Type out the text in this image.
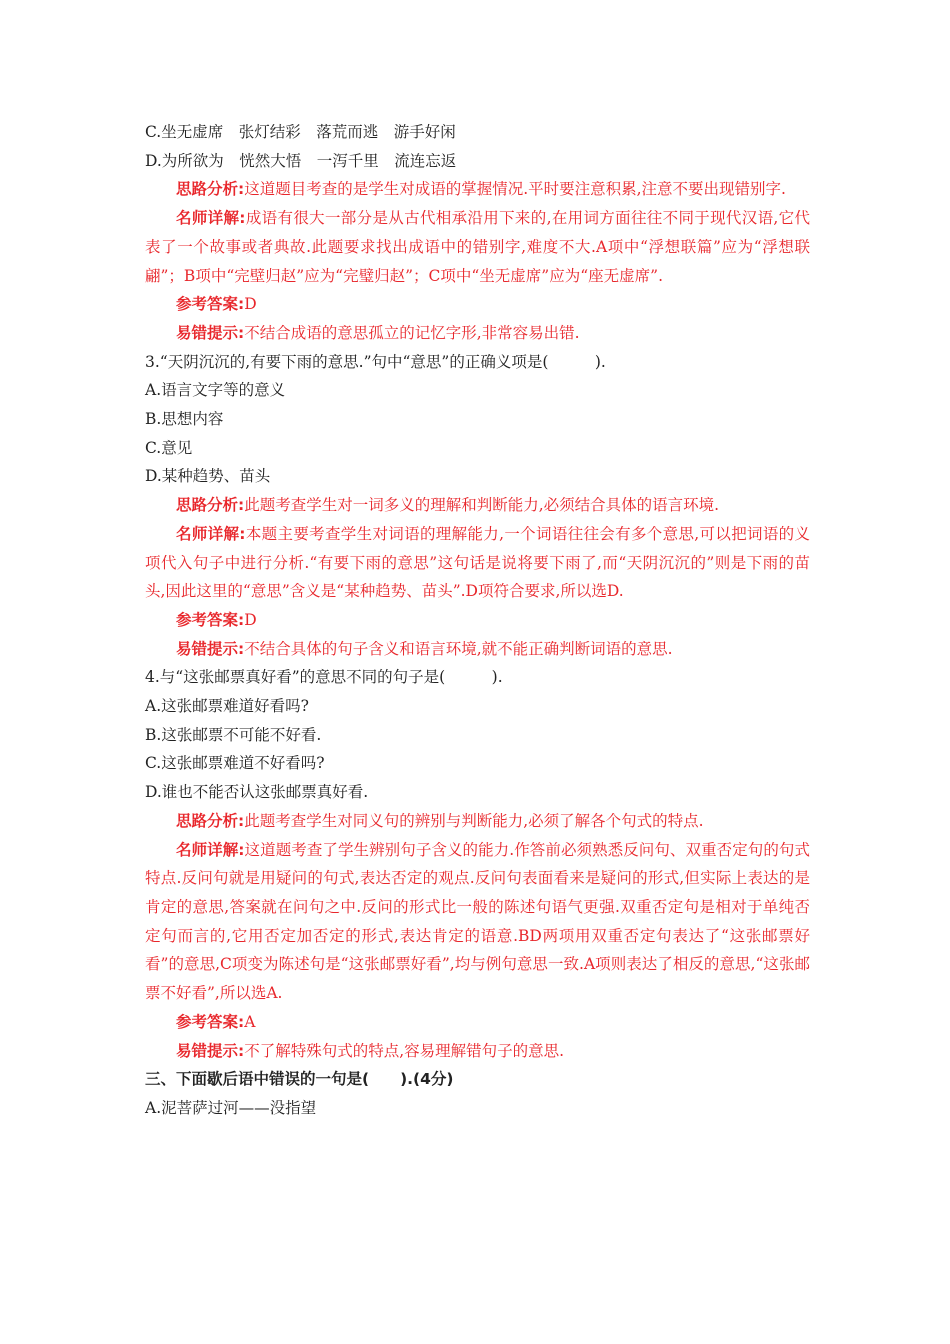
C.坐无虚席　张灯结彩　落荒而逃　游手好闲

D.为所欲为　恍然大悟　一泻千里　流连忘返

思路分析:这道题目考查的是学生对成语的掌握情况.平时要注意积累,注意不要出现错别字.

名师详解:成语有很大一部分是从古代相承沿用下来的,在用词方面往往不同于现代汉语,它代表了一个故事或者典故.此题要求找出成语中的错别字,难度不大.A项中“浮想联篇”应为“浮想联翩”；B项中“完壁归赵”应为“完璧归赵”；C项中“坐无虚席”应为“座无虚席”.

参考答案:D

易错提示:不结合成语的意思孤立的记忆字形,非常容易出错.

3.“天阴沉沉的,有要下雨的意思.”句中“意思”的正确义项是(　　　).

A.语言文字等的意义

B.思想内容

C.意见

D.某种趋势、苗头

思路分析:此题考查学生对一词多义的理解和判断能力,必须结合具体的语言环境.

名师详解:本题主要考查学生对词语的理解能力,一个词语往往会有多个意思,可以把词语的义项代入句子中进行分析.“有要下雨的意思”这句话是说将要下雨了,而“天阴沉沉的”则是下雨的苗头,因此这里的“意思”含义是“某种趋势、苗头”.D项符合要求,所以选D.

参考答案:D

易错提示:不结合具体的句子含义和语言环境,就不能正确判断词语的意思.

4.与“这张邮票真好看”的意思不同的句子是(　　　).

A.这张邮票难道好看吗?

B.这张邮票不可能不好看.

C.这张邮票难道不好看吗?

D.谁也不能否认这张邮票真好看.

思路分析:此题考查学生对同义句的辨别与判断能力,必须了解各个句式的特点.

名师详解:这道题考查了学生辨别句子含义的能力.作答前必须熟悉反问句、双重否定句的句式特点.反问句就是用疑问的句式,表达否定的观点.反问句表面看来是疑问的形式,但实际上表达的是肯定的意思,答案就在问句之中.反问的形式比一般的陈述句语气更强.双重否定句是相对于单纯否定句而言的,它用否定加否定的形式,表达肯定的语意.BD两项用双重否定句表达了“这张邮票好看”的意思,C项变为陈述句是“这张邮票好看”,均与例句意思一致.A项则表达了相反的意思,“这张邮票不好看”,所以选A.

参考答案:A

易错提示:不了解特殊句式的特点,容易理解错句子的意思.

三、下面歇后语中错误的一句是(　　).(4分)

A.泥菩萨过河——没指望
